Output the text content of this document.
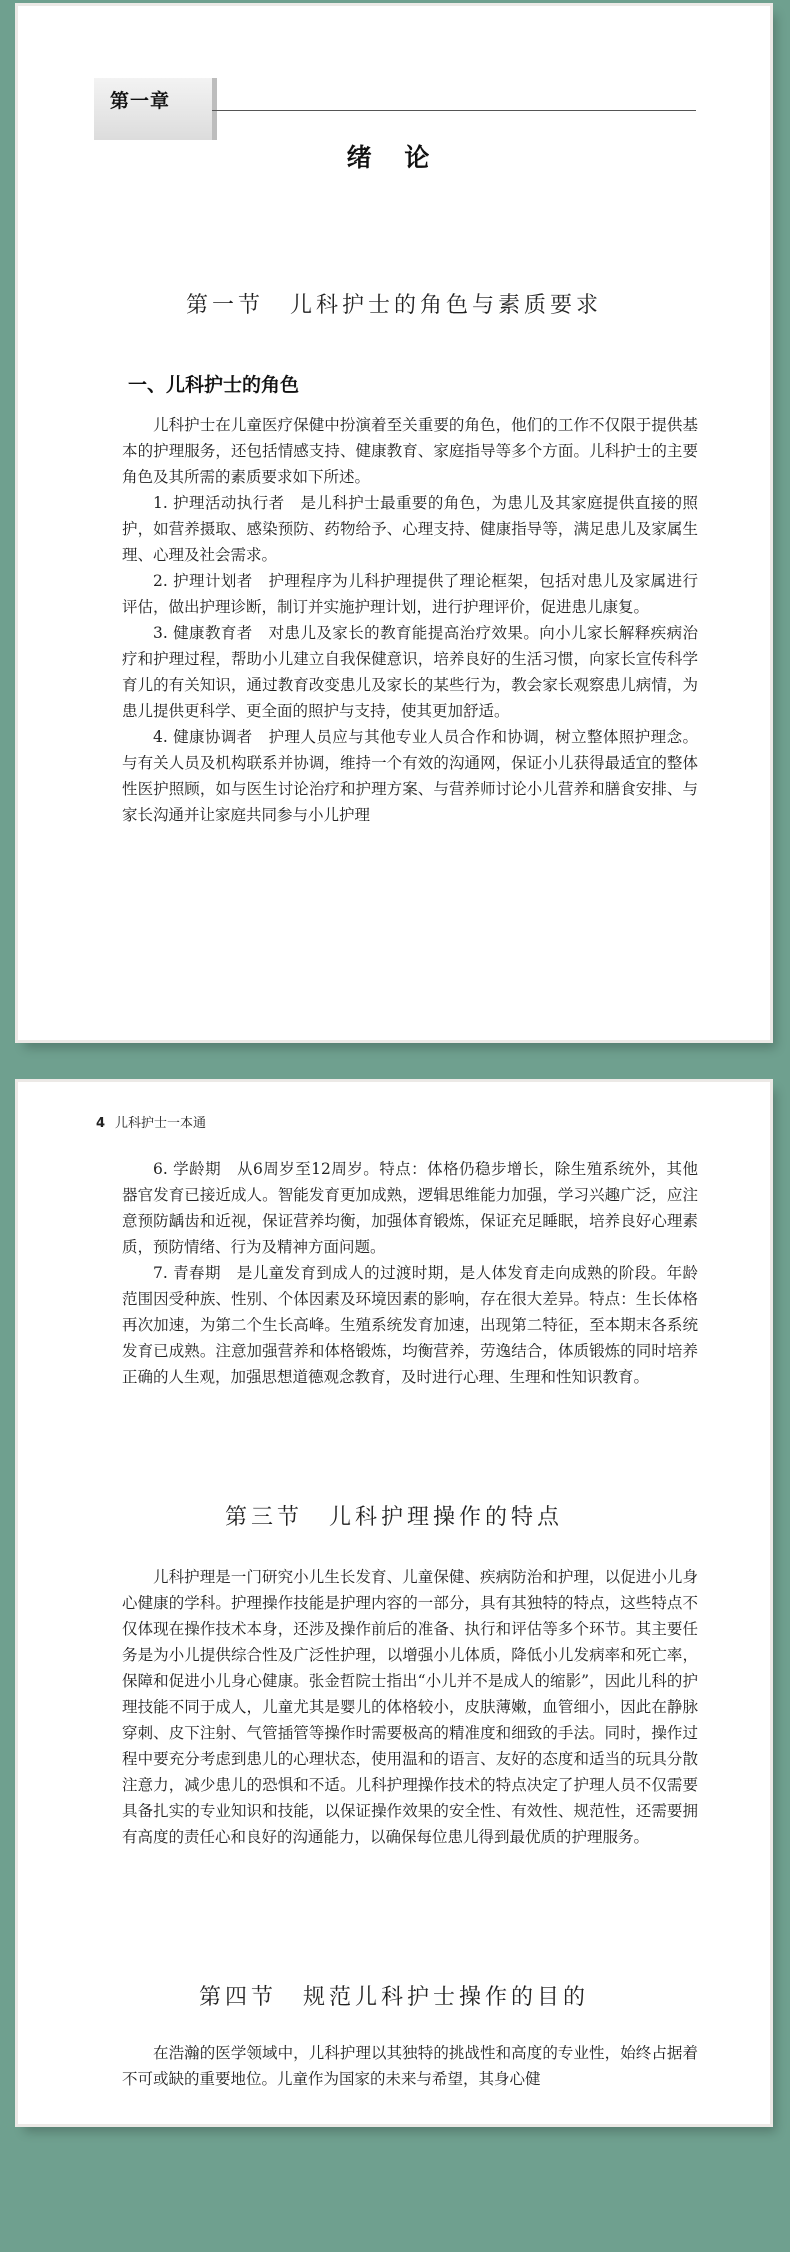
第一章
绪 论
第一节　儿科护士的角色与素质要求
一、儿科护士的角色

儿科护士在儿童医疗保健中扮演着至关重要的角色，他们的工作不仅限于提供基本的护理服务，还包括情感支持、健康教育、家庭指导等多个方面。儿科护士的主要角色及其所需的素质要求如下所述。

1. 护理活动执行者　是儿科护士最重要的角色，为患儿及其家庭提供直接的照护，如营养摄取、感染预防、药物给予、心理支持、健康指导等，满足患儿及家属生理、心理及社会需求。

2. 护理计划者　护理程序为儿科护理提供了理论框架，包括对患儿及家属进行评估，做出护理诊断，制订并实施护理计划，进行护理评价，促进患儿康复。

3. 健康教育者　对患儿及家长的教育能提高治疗效果。向小儿家长解释疾病治疗和护理过程，帮助小儿建立自我保健意识，培养良好的生活习惯，向家长宣传科学育儿的有关知识，通过教育改变患儿及家长的某些行为，教会家长观察患儿病情，为患儿提供更科学、更全面的照护与支持，使其更加舒适。

4. 健康协调者　护理人员应与其他专业人员合作和协调，树立整体照护理念。与有关人员及机构联系并协调，维持一个有效的沟通网，保证小儿获得最适宜的整体性医护照顾，如与医生讨论治疗和护理方案、与营养师讨论小儿营养和膳食安排、与家长沟通并让家庭共同参与小儿护理

4 儿科护士一本通

6. 学龄期　从6周岁至12周岁。特点：体格仍稳步增长，除生殖系统外，其他器官发育已接近成人。智能发育更加成熟，逻辑思维能力加强，学习兴趣广泛，应注意预防龋齿和近视，保证营养均衡，加强体育锻炼，保证充足睡眠，培养良好心理素质，预防情绪、行为及精神方面问题。

7. 青春期　是儿童发育到成人的过渡时期，是人体发育走向成熟的阶段。年龄范围因受种族、性别、个体因素及环境因素的影响，存在很大差异。特点：生长体格再次加速，为第二个生长高峰。生殖系统发育加速，出现第二特征，至本期末各系统发育已成熟。注意加强营养和体格锻炼，均衡营养，劳逸结合，体质锻炼的同时培养正确的人生观，加强思想道德观念教育，及时进行心理、生理和性知识教育。

第三节　儿科护理操作的特点

儿科护理是一门研究小儿生长发育、儿童保健、疾病防治和护理，以促进小儿身心健康的学科。护理操作技能是护理内容的一部分，具有其独特的特点，这些特点不仅体现在操作技术本身，还涉及操作前后的准备、执行和评估等多个环节。其主要任务是为小儿提供综合性及广泛性护理，以增强小儿体质，降低小儿发病率和死亡率，保障和促进小儿身心健康。张金哲院士指出“小儿并不是成人的缩影”，因此儿科的护理技能不同于成人，儿童尤其是婴儿的体格较小，皮肤薄嫩，血管细小，因此在静脉穿刺、皮下注射、气管插管等操作时需要极高的精准度和细致的手法。同时，操作过程中要充分考虑到患儿的心理状态，使用温和的语言、友好的态度和适当的玩具分散注意力，减少患儿的恐惧和不适。儿科护理操作技术的特点决定了护理人员不仅需要具备扎实的专业知识和技能，以保证操作效果的安全性、有效性、规范性，还需要拥有高度的责任心和良好的沟通能力，以确保每位患儿得到最优质的护理服务。

第四节　规范儿科护士操作的目的

在浩瀚的医学领域中，儿科护理以其独特的挑战性和高度的专业性，始终占据着不可或缺的重要地位。儿童作为国家的未来与希望，其身心健
